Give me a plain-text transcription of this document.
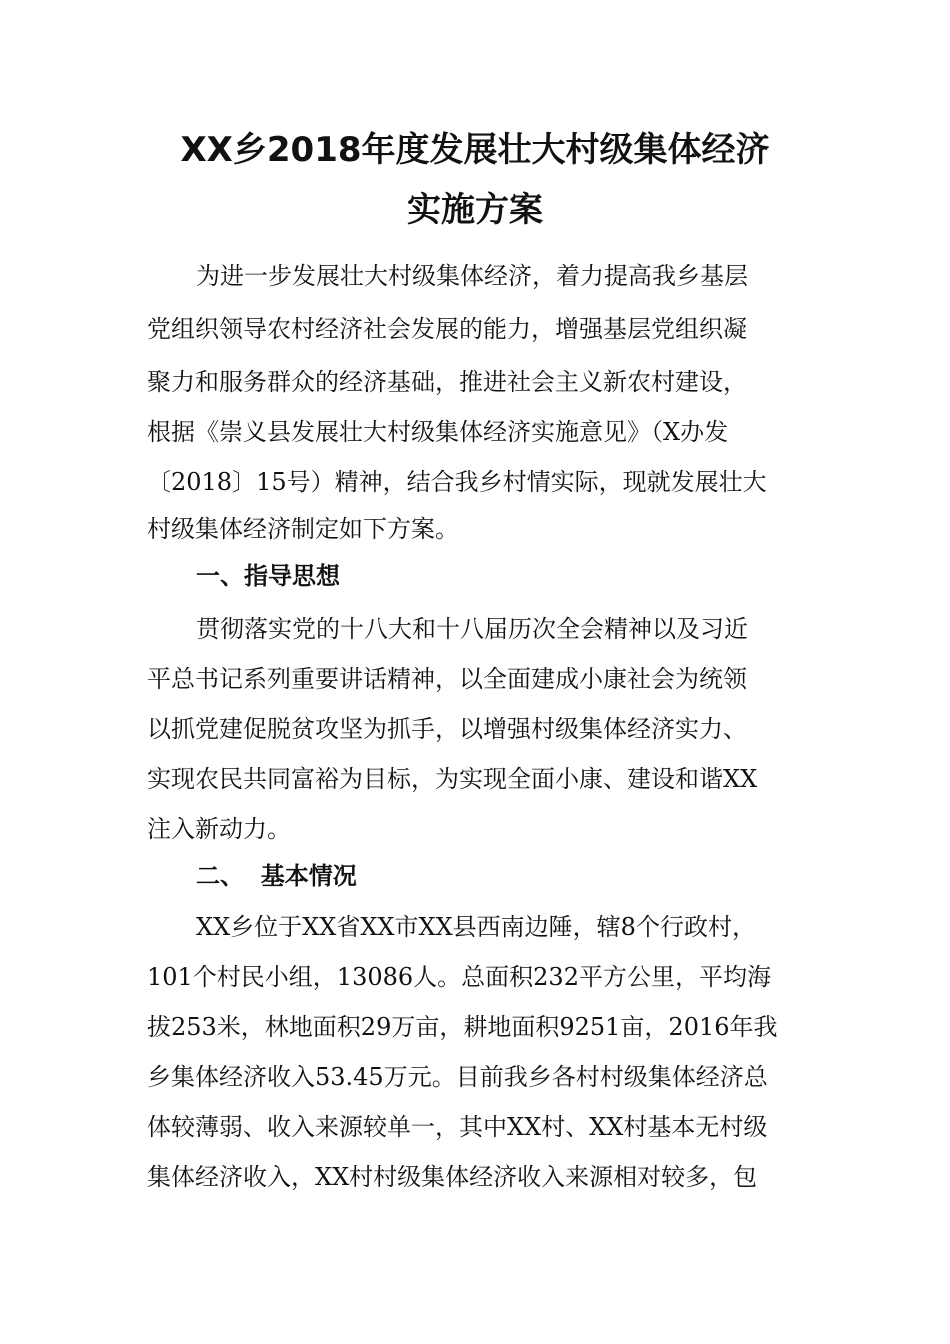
XX乡2018年度发展壮大村级集体经济
实施方案
为进一步发展壮大村级集体经济，着力提高我乡基层
党组织领导农村经济社会发展的能力，增强基层党组织凝
聚力和服务群众的经济基础，推进社会主义新农村建设，
根据《崇义县发展壮大村级集体经济实施意见》（X办发
〔2018〕15号）精神，结合我乡村情实际，现就发展壮大
村级集体经济制定如下方案。
一、指导思想
贯彻落实党的十八大和十八届历次全会精神以及习近
平总书记系列重要讲话精神，以全面建成小康社会为统领
以抓党建促脱贫攻坚为抓手，以增强村级集体经济实力、
实现农民共同富裕为目标，为实现全面小康、建设和谐XX
注入新动力。
二、  基本情况
XX乡位于XX省XX市XX县西南边陲，辖8个行政村，
101个村民小组，13086人。总面积232平方公里，平均海
拔253米，林地面积29万亩，耕地面积9251亩，2016年我
乡集体经济收入53.45万元。目前我乡各村村级集体经济总
体较薄弱、收入来源较单一，其中XX村、XX村基本无村级
集体经济收入，XX村村级集体经济收入来源相对较多，包
